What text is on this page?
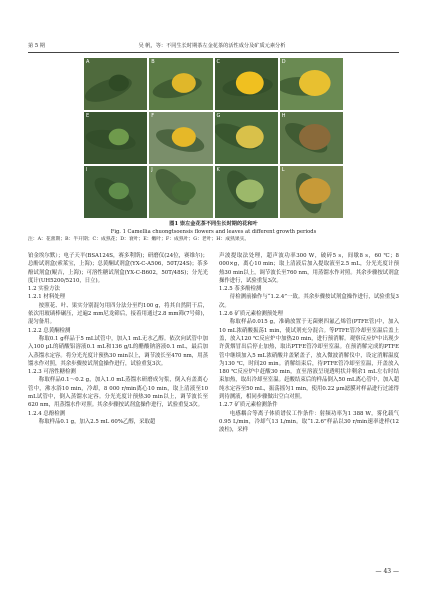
第 5 期	吴 帆，等：不同生长时期茶左金花茶的活性成分及矿质元素分析
A	B	C	D
E	F	G	H
I	J	K	L
图1 崇左金花茶不同生长时期的花和叶
Fig. 1 Camellia chuongtsoensis flowers and leaves at different growth periods
注：A：花蕾期；B：半开期；C：成熟花；D：衰叶；E：嫩叶；F：成熟叶；G：老叶；H：成熟果实。

铂金埃尔默）；电子天平(BSA124S，赛多利斯)；研磨仪(24位，赛维尔)；总酚试剂盒(索莱宝，上海)；总黄酮试剂盒(YX-C-A506，50T/24S)；茶多酚试剂盒(鲲吉，上海)；可溶性糖试剂盒(YX-C-B602，50T/48S)；分光光度计(UH5200/5210，日立)。

1.2 实验方法
1.2.1 材料处理

按照花、叶、果实分别混匀用四分法分至约100 g，将其自然阴干后，依次用玻璃棒碾压，过遍2 mm尼龙筛后，接着用通过2.8 mm筛(7号筛)，混匀备用。

1.2.2 总黄酮检测

称取0.1 g样品于5 mL试管中，加入1 mL无水乙醇。依次向试管中加入100 µL的硝酸铝溶液0.1 mL和136 g/L的醋酸钠溶液0.1 mL，最后加入蒸馏水定容。将分光光度计预热30 min以上，调节波长至470 nm，用蒸馏水作对照，其余步骤按试剂盒操作进行，试验重复3次。

1.2.3 可溶性糖检测

称取样品0.1～0.2 g，加入1.0 mL蒸馏水研磨成匀浆，倒入有盖离心管中，沸水浴10 min，冷却，8 000 r/min离心10 min，取上清液至10 mL试管中，倒入蒸馏水定容。分光光度计预热30 min以上，调节波长至620 nm，用蒸馏水作对照。其余步骤按试剂盒操作进行，试验重复3次。

1.2.4 总酚检测

称取样品0.1 g，加入2.5 mL 60%乙醇，采取超

声波提取法处理，超声波功率300 W，破碎5 s，间歇8 s，60 ℃；8 000×g，离心10 min；取上清液后加入提取液至2.5 mL，分光光度计预热30 min以上，调节波长至760 nm，用蒸馏水作对照。其余步骤按试剂盒操作进行，试验重复3次。

1.2.5 茶多酚检测

待检测前操作与“1.2.4”一致。其余步骤按试剂盒操作进行，试验重复3次。

1.2.6 矿质元素检测预处理

称取样品0.015 g，准确放置于无菌聚四氟乙烯管(PTFE管)中，加入10 mL浓硝酸振荡1 min，使试剂充分混合。等PTFE管冷却至室温后盖上盖，放入120 ℃反应炉中加热20 min，进行预消解。观察反应炉中出现少许黄烟冒出后停止加热，取出PTFE管冷却至室温。在预消解完成的PTFE管中继续加入5 mL浓硝酸并盖紧盖子，放入微波消解仪中，设定消解温度为130 ℃，时间20 min。消解结束后，待PTFE管冷却至室温，开盖放入180 ℃反应炉中赶酸30 min，直至溶液呈现透明状并剩余1 mL左右时结束加热，取出冷却至室温。赶酸结束后的样品倒入50 mL离心管中，加入超纯水定容至50 mL，振荡摇匀1 min，使用0.22 µm滤膜对样品进行过滤得到待测液，相同步骤做出空白对照。

1.2.7 矿质元素检测条件

电感耦合等离子体质谱仪工作条件：射频功率为1 388 W，雾化载气0.95 L/min，冷却气13 L/min。取“1.2.6”样品以30 r/min速率进样(12波柱)，采样

— 43 —
